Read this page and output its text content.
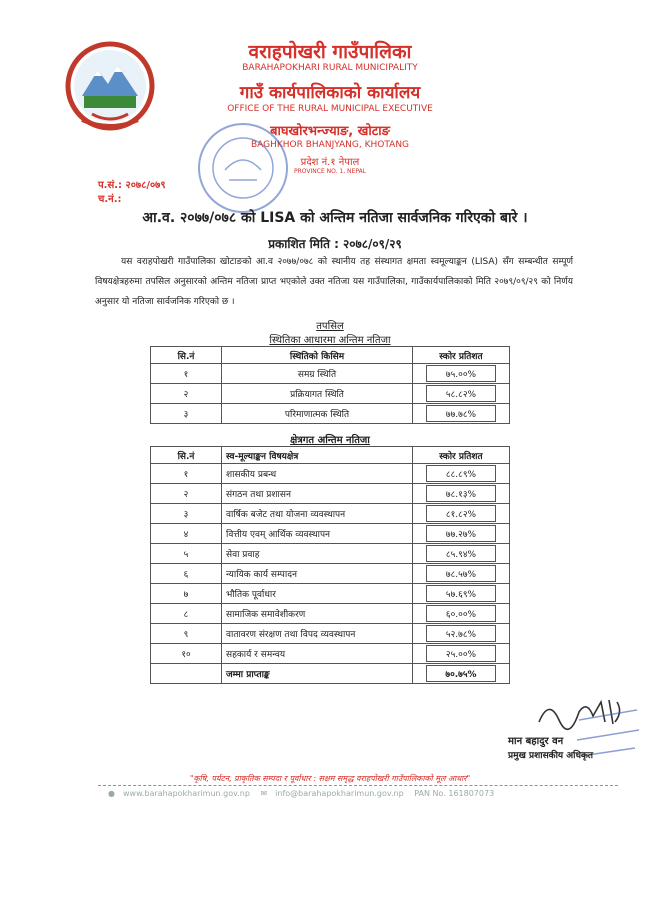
वराहपोखरी गाउँपालिका
BARAHAPOKHARI RURAL MUNICIPALITY
गाउँ कार्यपालिकाको कार्यालय
OFFICE OF THE RURAL MUNICIPAL EXECUTIVE
बाघखोरभन्ज्याङ, खोटाङ
BAGHKHOR BHANJYANG, KHOTANG
प्रदेश नं.१ नेपाल
PROVINCE NO. 1, NEPAL
प.सं.: २०७८/०७९
च.नं.:
आ.व. २०७७/०७८ को LISA को अन्तिम नतिजा सार्वजनिक गरिएको बारे ।
प्रकाशित मिति : २०७८/०९/२९
यस वराहपोखरी गाउँपालिका खोटाङको आ.व २०७७/०७८ को स्थानीय तह संस्थागत क्षमता स्वमूल्याङ्कन (LISA) सँग सम्बन्धीत सम्पूर्ण विषयक्षेत्रहरुमा तपसिल अनुसारको अन्तिम नतिजा प्राप्त भएकोले उक्त नतिजा यस गाउँपालिका, गाउँकार्यपालिकाको मिति २०७९/०९/२९ को निर्णय अनुसार यो नतिजा सार्वजनिक गरिएको छ ।
तपसिल
स्थितिका आधारमा अन्तिम नतिजा
सि.नं	स्थितिको किसिम	स्कोर प्रतिशत
१	समग्र स्थिति	७५.००%
२	प्रक्रियागत स्थिति	५८.८२%
३	परिमाणात्मक स्थिति	७७.७८%
क्षेत्रगत अन्तिम नतिजा
सि.नं	स्व-मूल्याङ्कन विषयक्षेत्र	स्कोर प्रतिशत
१	शासकीय प्रबन्ध	८८.८९%
२	संगठन तथा प्रशासन	७८.१३%
३	वार्षिक बजेट तथा योजना व्यवस्थापन	८१.८२%
४	वित्तीय एवम् आर्थिक व्यवस्थापन	७७.२७%
५	सेवा प्रवाह	८५.९४%
६	न्यायिक कार्य सम्पादन	७८.५७%
७	भौतिक पूर्वाधार	५७.६९%
८	सामाजिक समावेशीकरण	६०.००%
९	वातावरण संरक्षण तथा विपद व्यवस्थापन	५२.७८%
१०	सहकार्य र समन्वय	२५.००%
	जम्मा प्राप्ताङ्क	७०.७५%
मान बहादुर वन
प्रमुख प्रशासकीय अधिकृत
"कृषि, पर्यटन, प्राकृतिक सम्पदा र पूर्वाधार : सक्षम समृद्ध वराहपोखरी गाउँपालिकाको मूल आधार"
● www.barahapokharimun.gov.np ✉ info@barahapokharimun.gov.np PAN No. 161807073
